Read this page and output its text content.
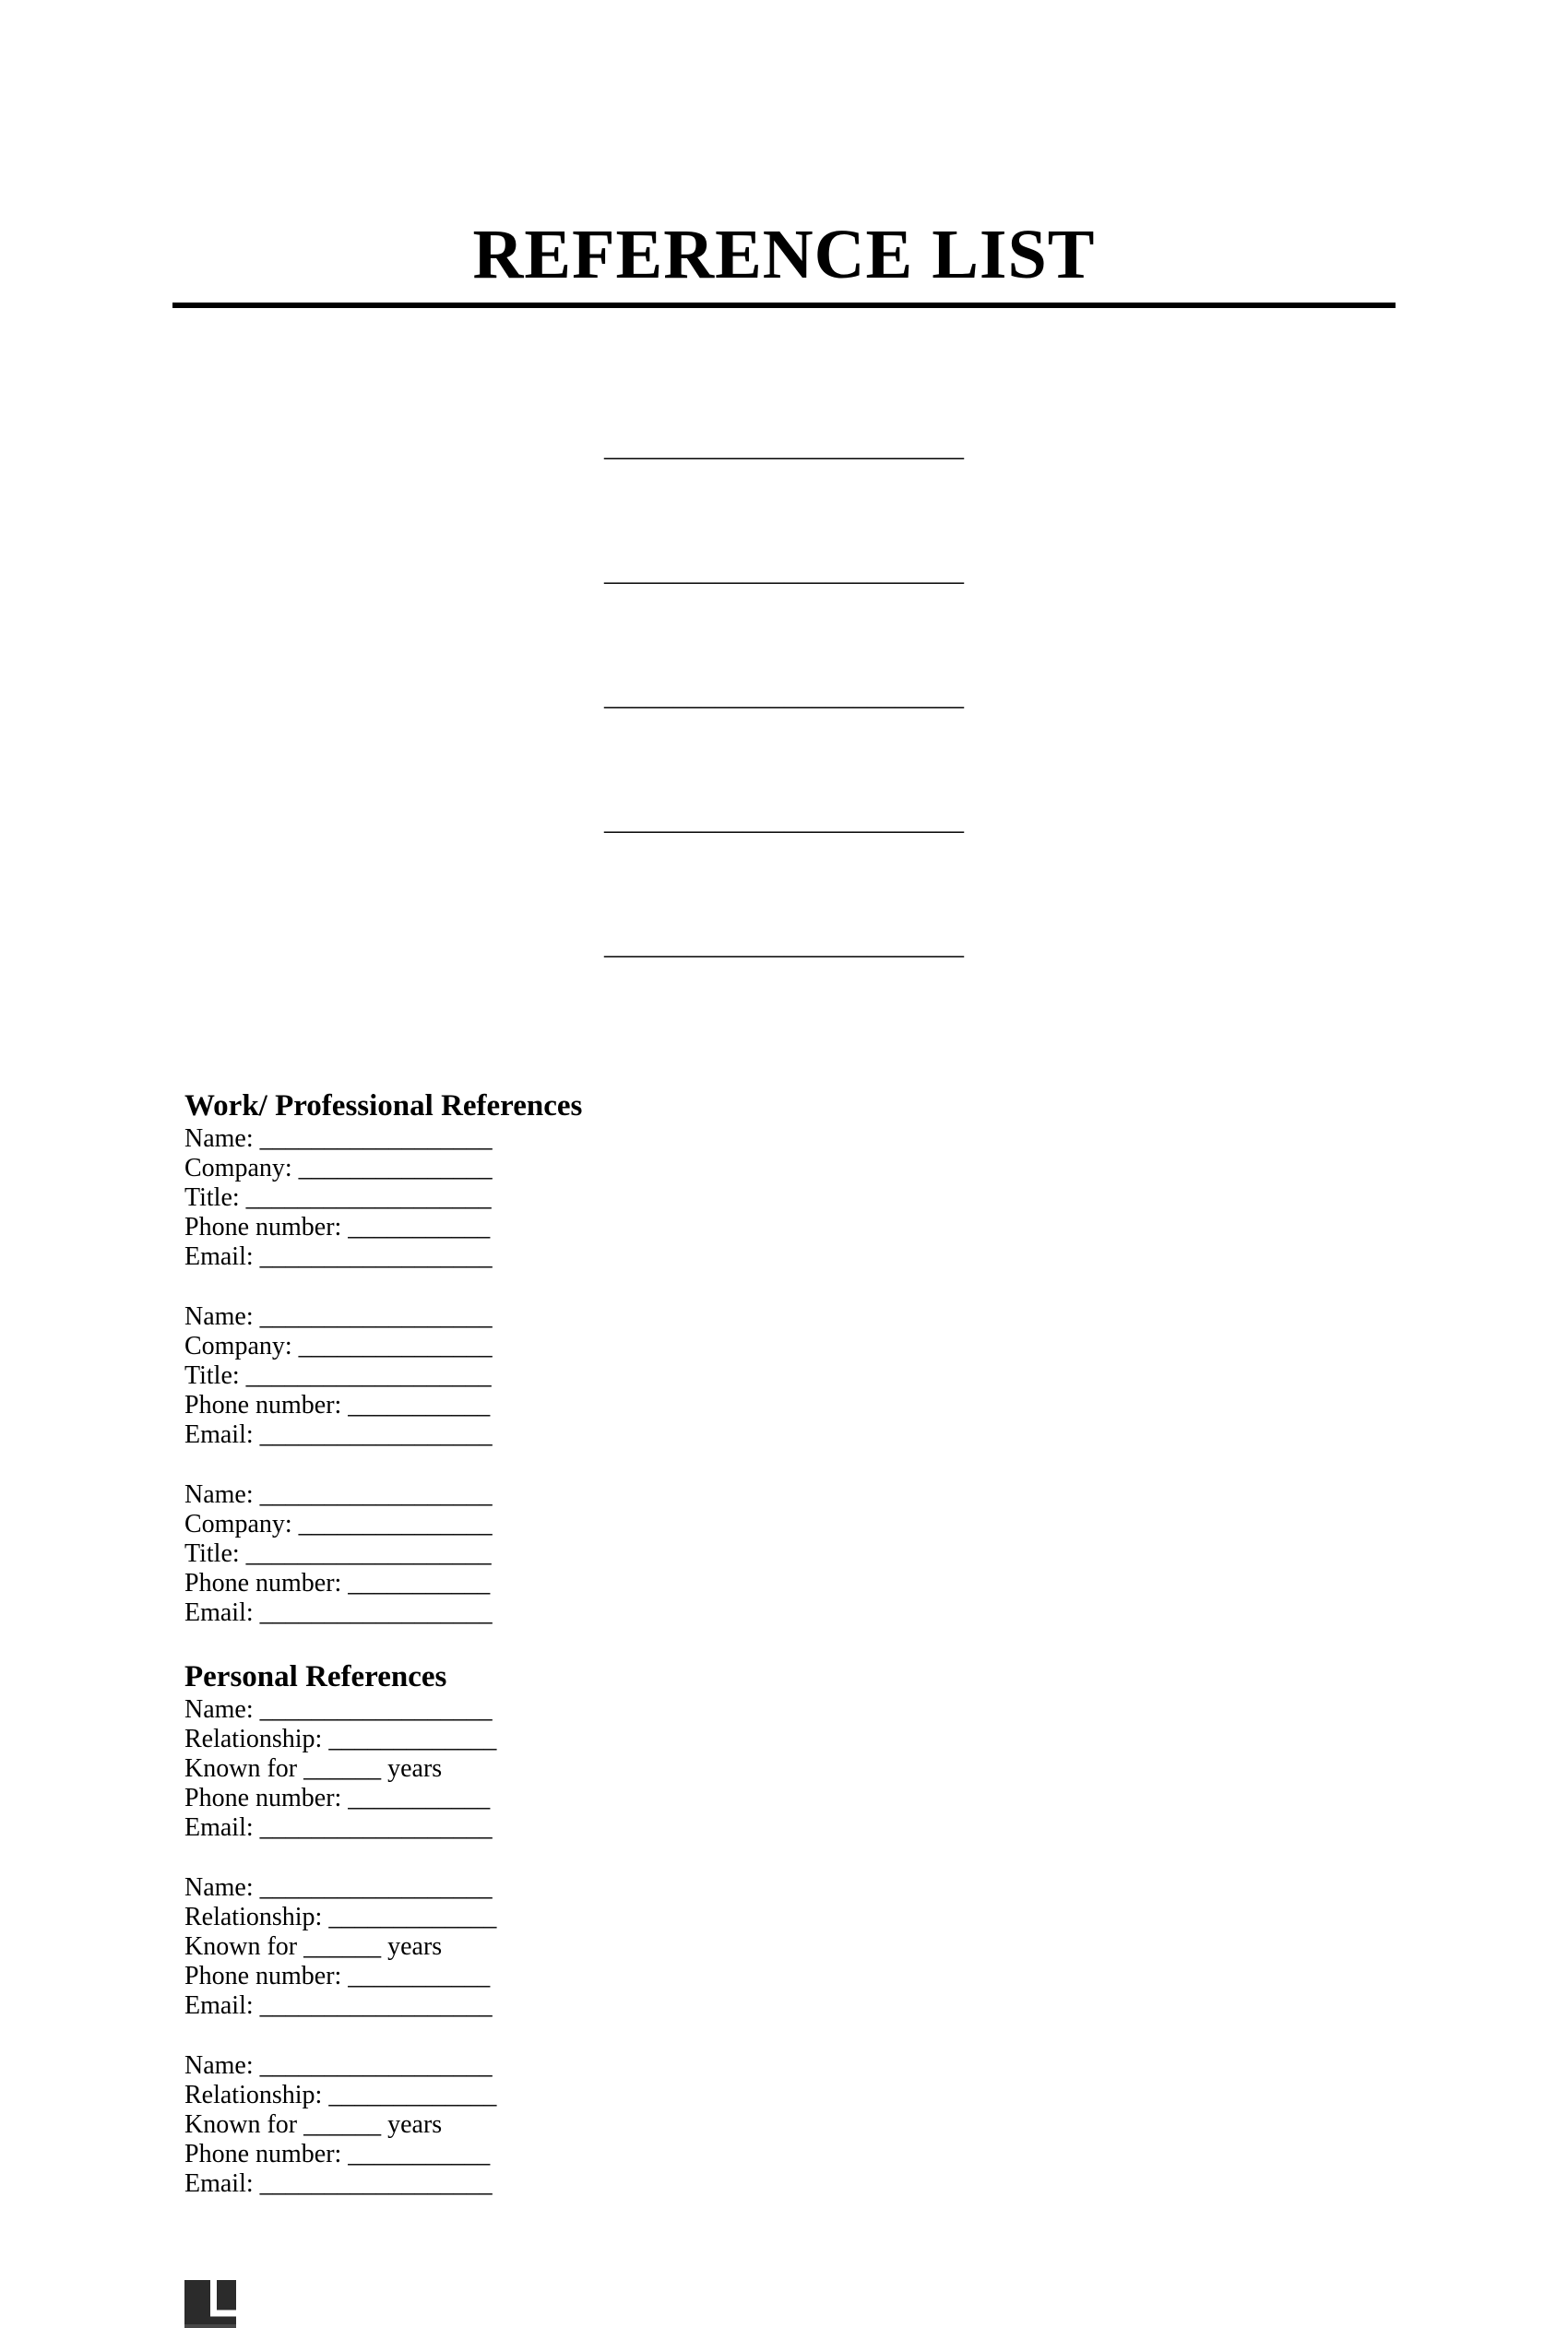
REFERENCE LIST

__________________________

__________________________

__________________________

__________________________

__________________________

Work/ Professional References
Name: __________________
Company: _______________
Title: ___________________
Phone number: ___________
Email: __________________
Name: __________________
Company: _______________
Title: ___________________
Phone number: ___________
Email: __________________
Name: __________________
Company: _______________
Title: ___________________
Phone number: ___________
Email: __________________
Personal References
Name: __________________
Relationship: _____________
Known for ______ years
Phone number: ___________
Email: __________________
Name: __________________
Relationship: _____________
Known for ______ years
Phone number: ___________
Email: __________________
Name: __________________
Relationship: _____________
Known for ______ years
Phone number: ___________
Email: __________________
